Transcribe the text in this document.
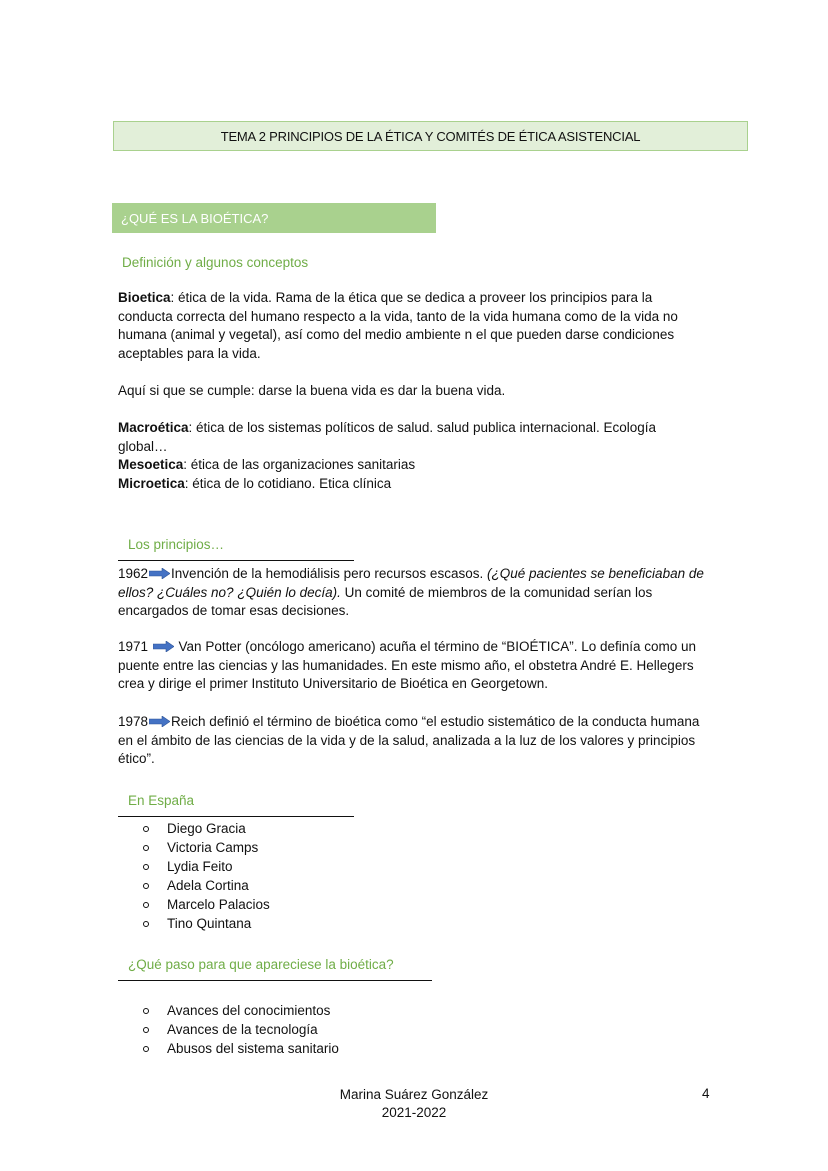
TEMA 2 PRINCIPIOS DE LA ÉTICA Y COMITÉS DE ÉTICA ASISTENCIAL
¿QUÉ ES LA BIOÉTICA?
Definición y algunos conceptos

Bioetica: ética de la vida. Rama de la ética que se dedica a proveer los principios para la conducta correcta del humano respecto a la vida, tanto de la vida humana como de la vida no humana (animal y vegetal), así como del medio ambiente n el que pueden darse condiciones aceptables para la vida.

Aquí si que se cumple: darse la buena vida es dar la buena vida.

Macroética: ética de los sistemas políticos de salud. salud publica internacional. Ecología global…
Mesoetica: ética de las organizaciones sanitarias
Microetica: ética de lo cotidiano. Etica clínica

Los principios…

1962 Invención de la hemodiálisis pero recursos escasos. (¿Qué pacientes se beneficiaban de ellos? ¿Cuáles no? ¿Quién lo decía). Un comité de miembros de la comunidad serían los encargados de tomar esas decisiones.

1971  Van Potter (oncólogo americano) acuña el término de “BIOÉTICA”. Lo definía como un puente entre las ciencias y las humanidades. En este mismo año, el obstetra André E. Hellegers crea y dirige el primer Instituto Universitario de Bioética en Georgetown.

1978 Reich definió el término de bioética como “el estudio sistemático de la conducta humana en el ámbito de las ciencias de la vida y de la salud, analizada a la luz de los valores y principios ético”.

En España
Diego Gracia
Victoria Camps
Lydia Feito
Adela Cortina
Marcelo Palacios
Tino Quintana
¿Qué paso para que apareciese la bioética?
Avances del conocimientos
Avances de la tecnología
Abusos del sistema sanitario
Marina Suárez González
2021-2022
4
